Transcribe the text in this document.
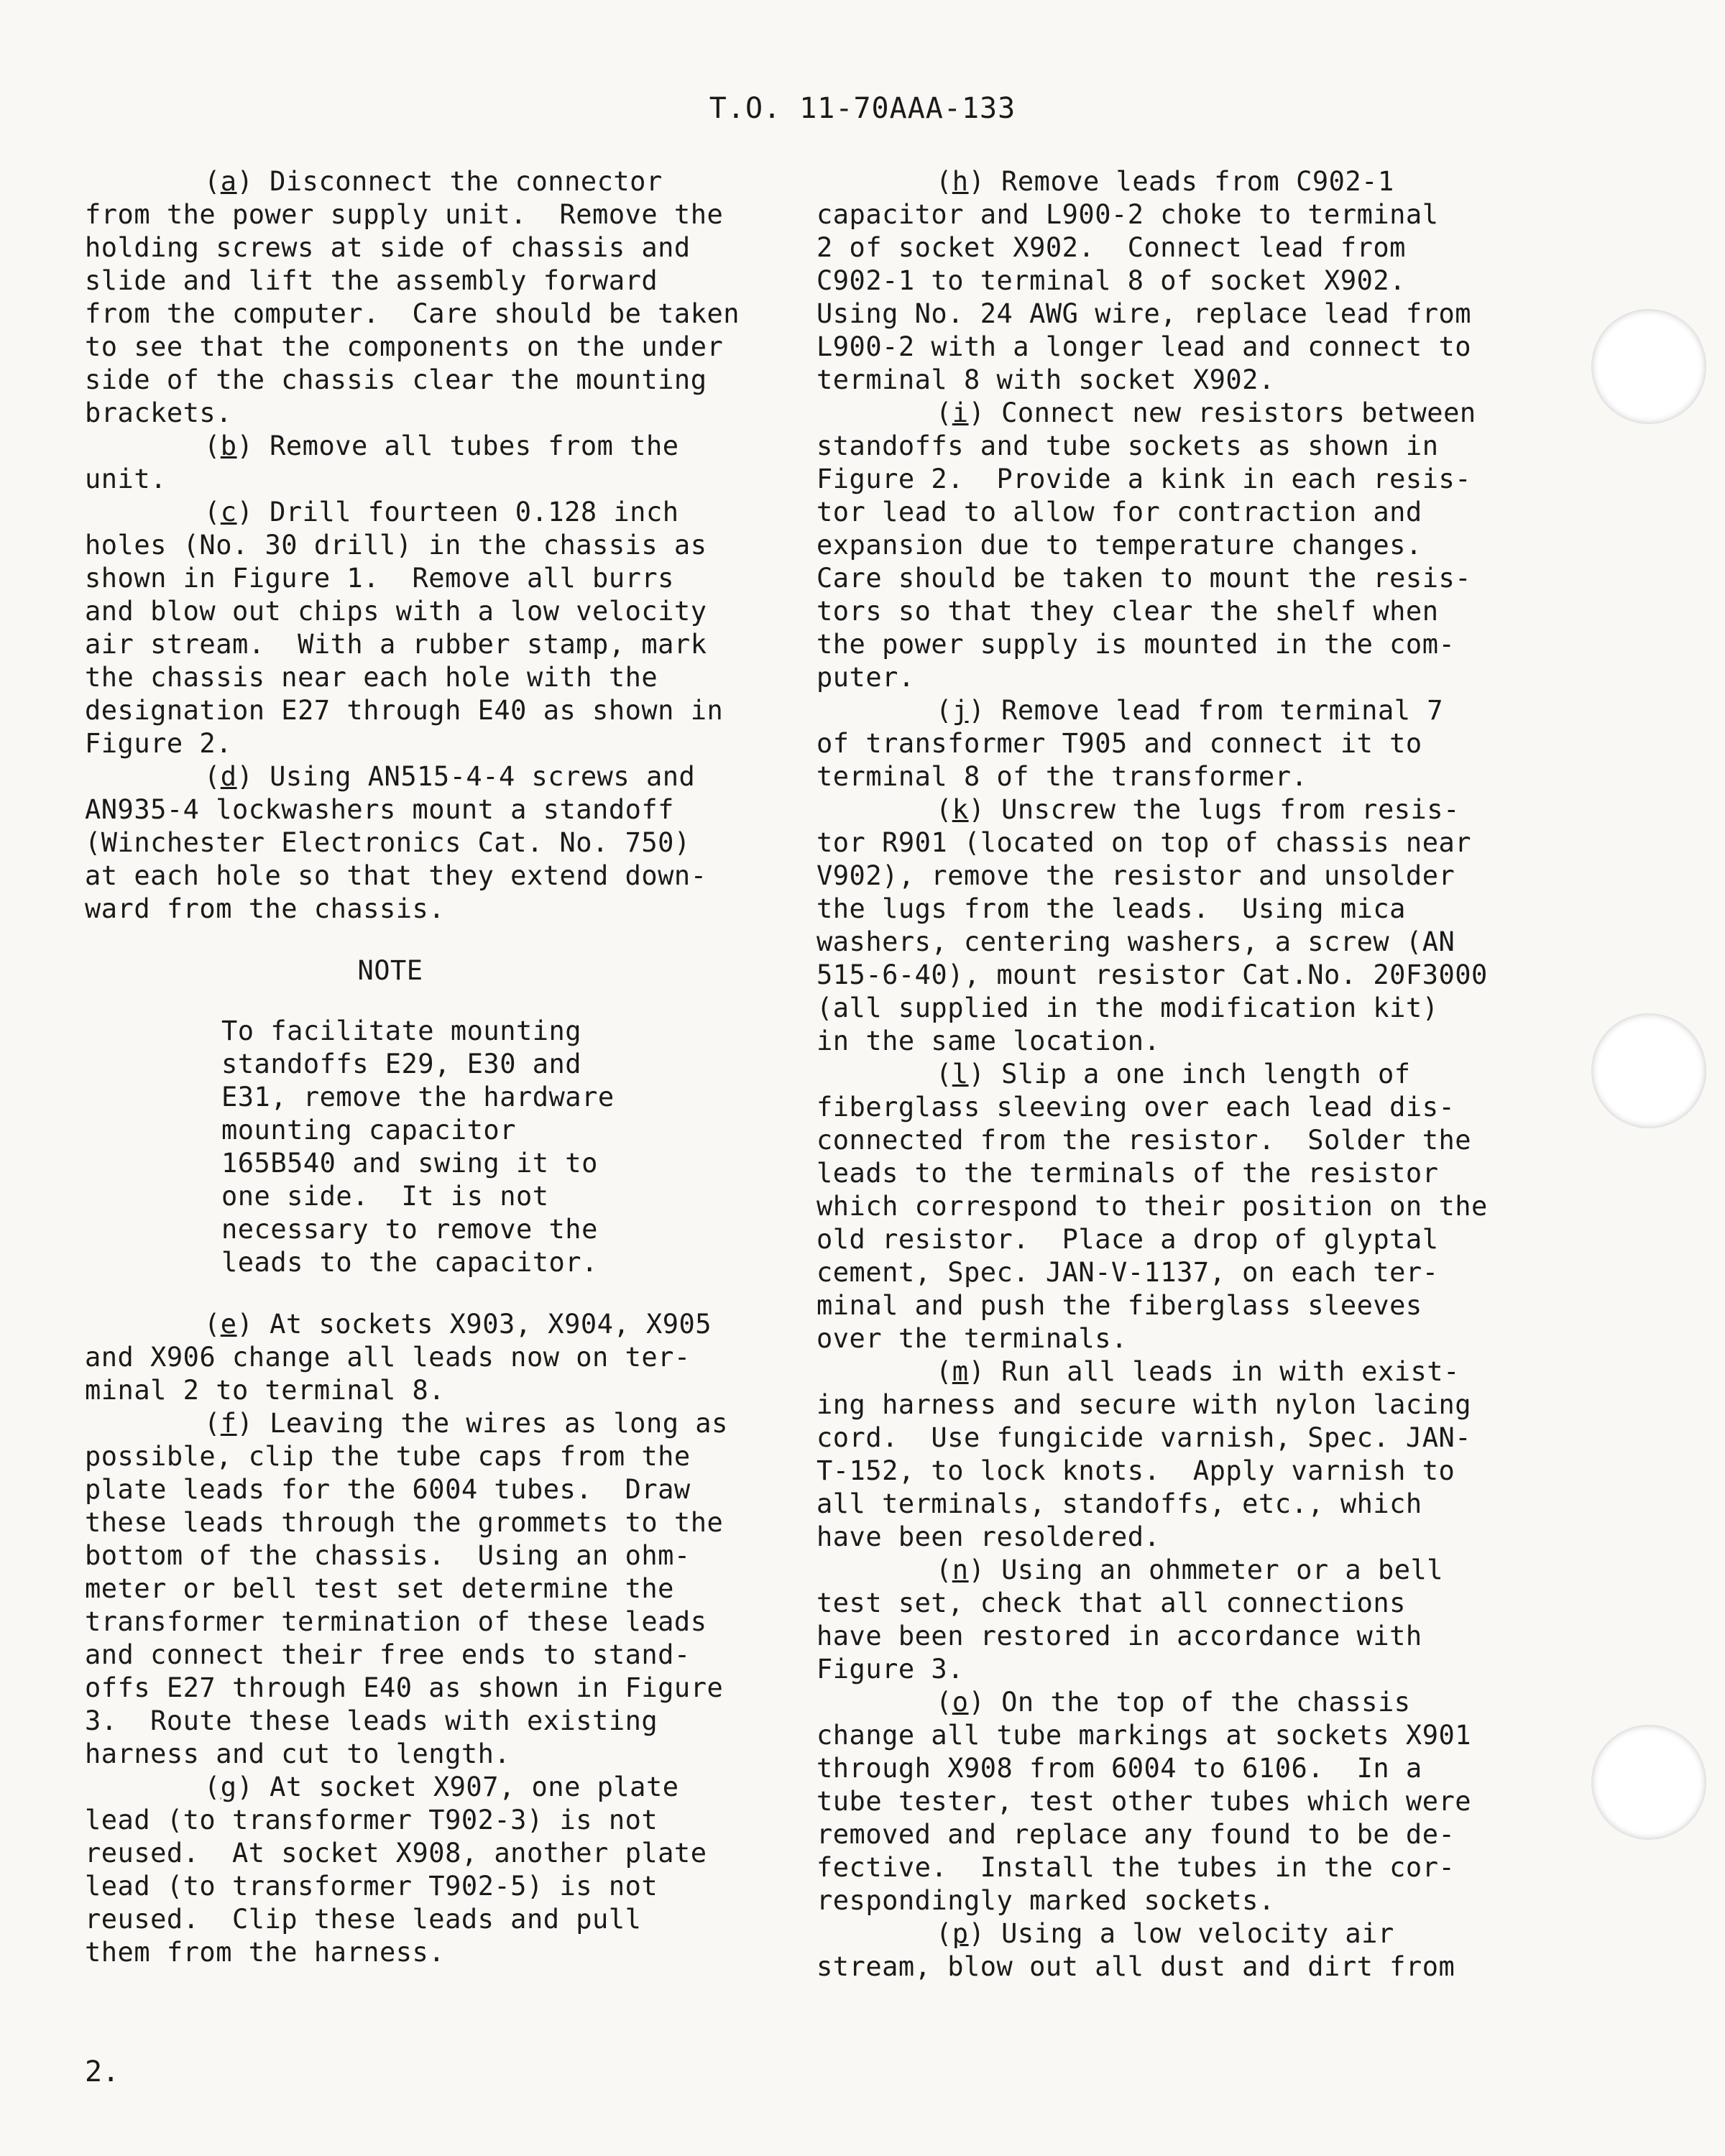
T.O. 11-70AAA-133
(a) Disconnect the connector
from the power supply unit.  Remove the
holding screws at side of chassis and
slide and lift the assembly forward
from the computer.  Care should be taken
to see that the components on the under
side of the chassis clear the mounting
brackets.
(b) Remove all tubes from the
unit.
(c) Drill fourteen 0.128 inch
holes (No. 30 drill) in the chassis as
shown in Figure 1.  Remove all burrs
and blow out chips with a low velocity
air stream.  With a rubber stamp, mark
the chassis near each hole with the
designation E27 through E40 as shown in
Figure 2.
(d) Using AN515-4-4 screws and
AN935-4 lockwashers mount a standoff
(Winchester Electronics Cat. No. 750)
at each hole so that they extend down-
ward from the chassis.
NOTE
To facilitate mounting
standoffs E29, E30 and
E31, remove the hardware
mounting capacitor
165B540 and swing it to
one side.  It is not
necessary to remove the
leads to the capacitor.
(e) At sockets X903, X904, X905
and X906 change all leads now on ter-
minal 2 to terminal 8.
(f) Leaving the wires as long as
possible, clip the tube caps from the
plate leads for the 6004 tubes.  Draw
these leads through the grommets to the
bottom of the chassis.  Using an ohm-
meter or bell test set determine the
transformer termination of these leads
and connect their free ends to stand-
offs E27 through E40 as shown in Figure
3.  Route these leads with existing
harness and cut to length.
(g) At socket X907, one plate
lead (to transformer T902-3) is not
reused.  At socket X908, another plate
lead (to transformer T902-5) is not
reused.  Clip these leads and pull
them from the harness.
(h) Remove leads from C902-1
capacitor and L900-2 choke to terminal
2 of socket X902.  Connect lead from
C902-1 to terminal 8 of socket X902.
Using No. 24 AWG wire, replace lead from
L900-2 with a longer lead and connect to
terminal 8 with socket X902.
(i) Connect new resistors between
standoffs and tube sockets as shown in
Figure 2.  Provide a kink in each resis-
tor lead to allow for contraction and
expansion due to temperature changes.
Care should be taken to mount the resis-
tors so that they clear the shelf when
the power supply is mounted in the com-
puter.
(j) Remove lead from terminal 7
of transformer T905 and connect it to
terminal 8 of the transformer.
(k) Unscrew the lugs from resis-
tor R901 (located on top of chassis near
V902), remove the resistor and unsolder
the lugs from the leads.  Using mica
washers, centering washers, a screw (AN
515-6-40), mount resistor Cat.No. 20F3000
(all supplied in the modification kit)
in the same location.
(l) Slip a one inch length of
fiberglass sleeving over each lead dis-
connected from the resistor.  Solder the
leads to the terminals of the resistor
which correspond to their position on the
old resistor.  Place a drop of glyptal
cement, Spec. JAN-V-1137, on each ter-
minal and push the fiberglass sleeves
over the terminals.
(m) Run all leads in with exist-
ing harness and secure with nylon lacing
cord.  Use fungicide varnish, Spec. JAN-
T-152, to lock knots.  Apply varnish to
all terminals, standoffs, etc., which
have been resoldered.
(n) Using an ohmmeter or a bell
test set, check that all connections
have been restored in accordance with
Figure 3.
(o) On the top of the chassis
change all tube markings at sockets X901
through X908 from 6004 to 6106.  In a
tube tester, test other tubes which were
removed and replace any found to be de-
fective.  Install the tubes in the cor-
respondingly marked sockets.
(p) Using a low velocity air
stream, blow out all dust and dirt from
2.
